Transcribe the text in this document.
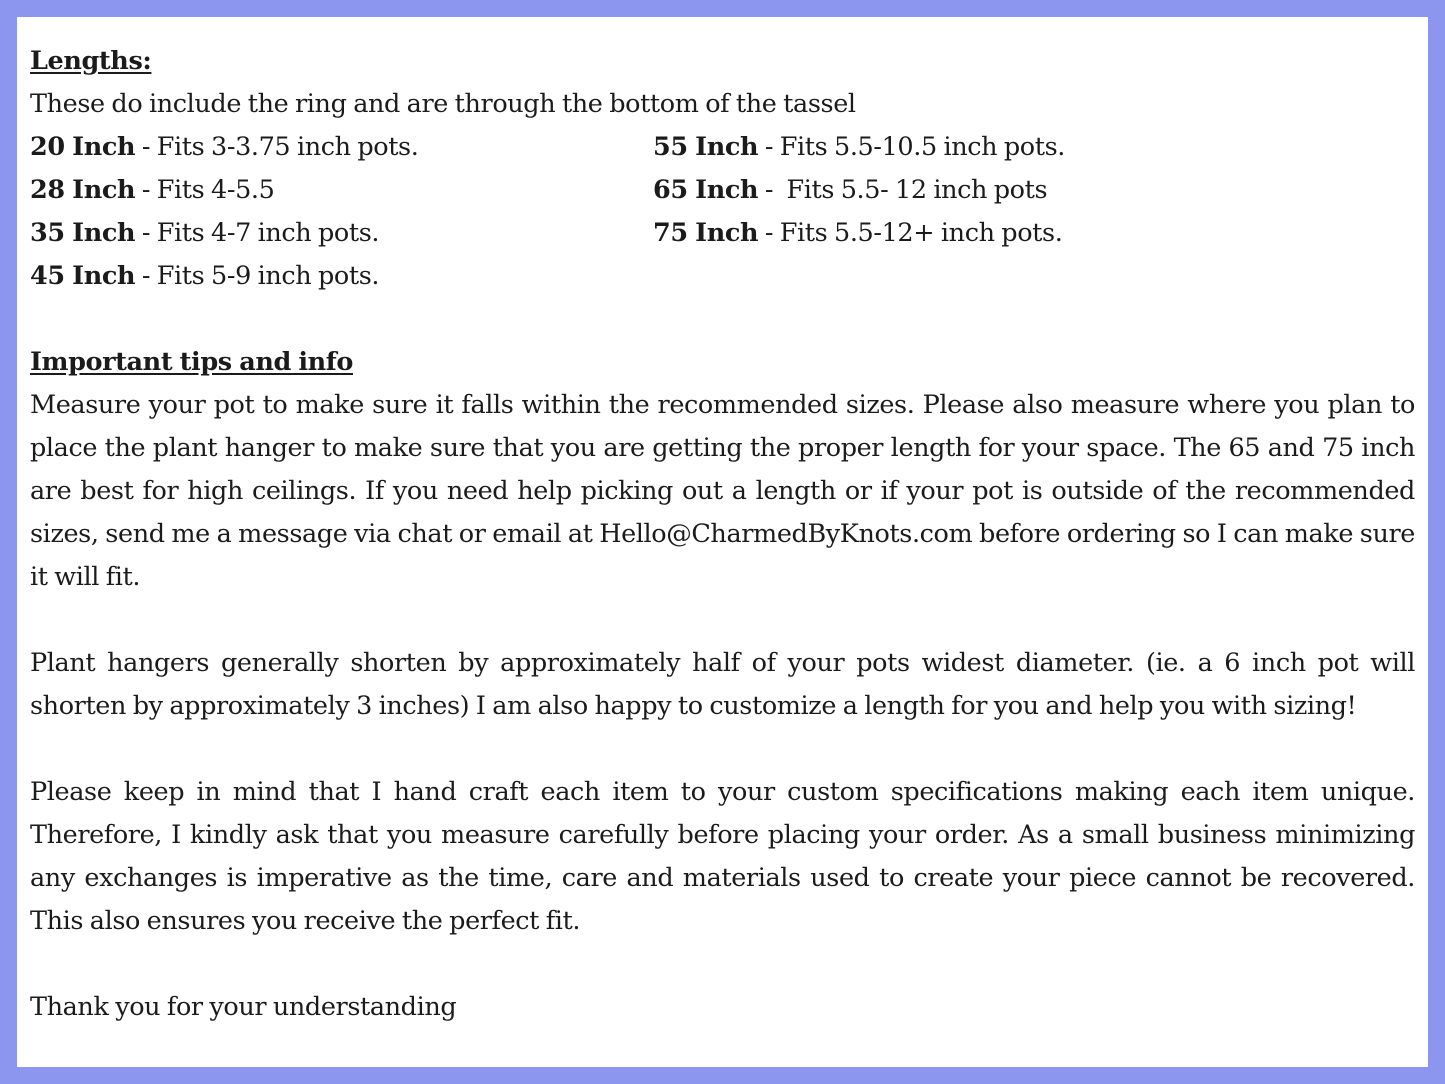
Lengths:
These do include the ring and are through the bottom of the tassel
20 Inch - Fits 3-3.75 inch pots.	55 Inch - Fits 5.5-10.5 inch pots.
28 Inch - Fits 4-5.5	65 Inch -  Fits 5.5- 12 inch pots
35 Inch - Fits 4-7 inch pots.	75 Inch - Fits 5.5-12+ inch pots.
45 Inch - Fits 5-9 inch pots.
Important tips and info

Measure your pot to make sure it falls within the recommended sizes. Please also measure where you plan to place the plant hanger to make sure that you are getting the proper length for your space. The 65 and 75 inch are best for high ceilings. If you need help picking out a length or if your pot is outside of the recommended sizes, send me a message via chat or email at Hello@CharmedByKnots.com before ordering so I can make sure it will fit.

Plant hangers generally shorten by approximately half of your pots widest diameter. (ie. a 6 inch pot will shorten by approximately 3 inches) I am also happy to customize a length for you and help you with sizing!

Please keep in mind that I hand craft each item to your custom specifications making each item unique. Therefore, I kindly ask that you measure carefully before placing your order. As a small business minimizing any exchanges is imperative as the time, care and materials used to create your piece cannot be recovered. This also ensures you receive the perfect fit.

Thank you for your understanding
